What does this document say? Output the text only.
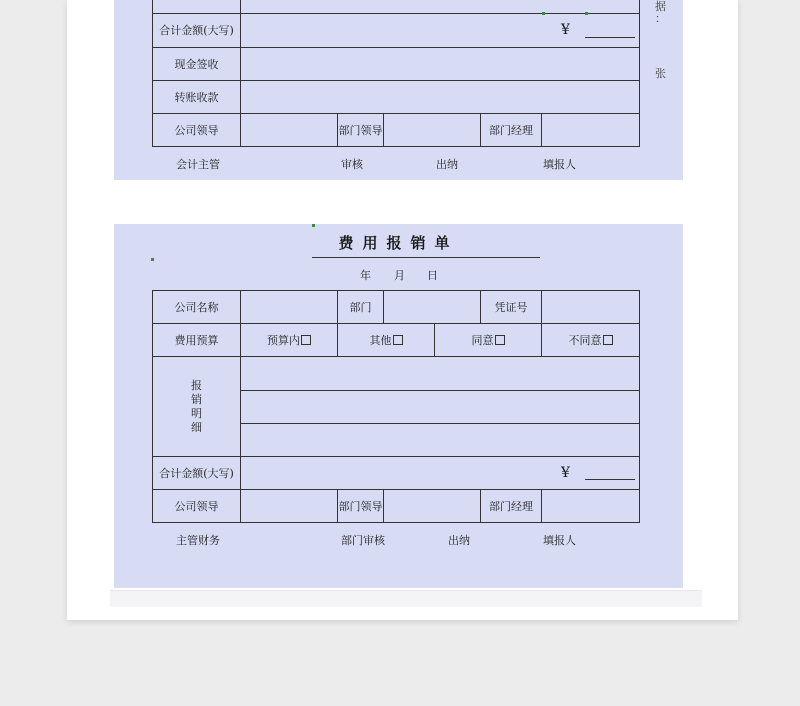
合计金额(大写)	¥				

现金签收					
转账收款					
公司领导		部门领导		部门经理	
会计主管	审核	出纳	填报人
据
：
张
费用报销单
年 月 日
公司名称		部门			凭证号	
费用预算	预算内	其他		同意		不同意

报
销
明
细						

合计金额(大写)	¥					

公司领导		部门领导			部门经理	
主管财务	部门审核	出纳	填报人
